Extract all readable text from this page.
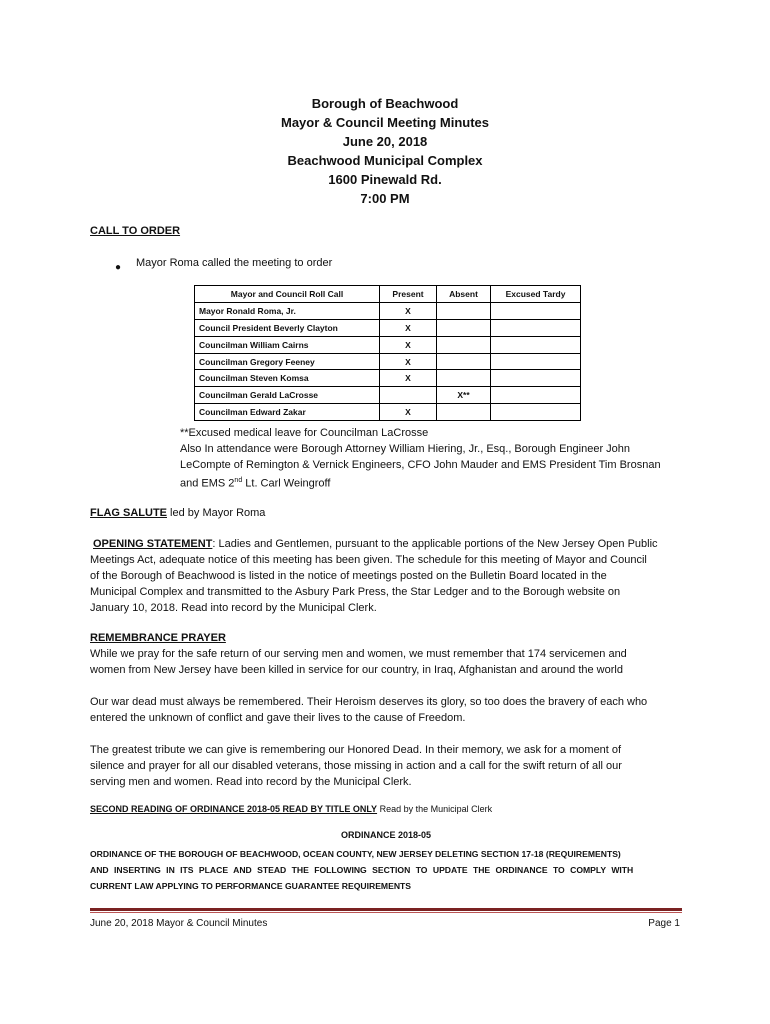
Borough of Beachwood
Mayor & Council Meeting Minutes
June 20, 2018
Beachwood Municipal Complex
1600 Pinewald Rd.
7:00 PM
CALL TO ORDER
● Mayor Roma called the meeting to order
Mayor and Council Roll Call	Present	Absent	Excused Tardy
Mayor Ronald Roma, Jr.	X		
Council President Beverly Clayton	X		
Councilman William Cairns	X		
Councilman Gregory Feeney	X		
Councilman Steven Komsa	X		
Councilman Gerald LaCrosse		X**	
Councilman Edward Zakar	X		
**Excused medical leave for Councilman LaCrosse
Also In attendance were Borough Attorney William Hiering, Jr., Esq., Borough Engineer John
LeCompte of Remington & Vernick Engineers, CFO John Mauder and EMS President Tim Brosnan
and EMS 2nd Lt. Carl Weingroff
FLAG SALUTE led by Mayor Roma
OPENING STATEMENT: Ladies and Gentlemen, pursuant to the applicable portions of the New Jersey Open Public
Meetings Act, adequate notice of this meeting has been given. The schedule for this meeting of Mayor and Council
of the Borough of Beachwood is listed in the notice of meetings posted on the Bulletin Board located in the
Municipal Complex and transmitted to the Asbury Park Press, the Star Ledger and to the Borough website on
January 10, 2018. Read into record by the Municipal Clerk.
REMEMBRANCE PRAYER
While we pray for the safe return of our serving men and women, we must remember that 174 servicemen and
women from New Jersey have been killed in service for our country, in Iraq, Afghanistan and around the world
Our war dead must always be remembered. Their Heroism deserves its glory, so too does the bravery of each who
entered the unknown of conflict and gave their lives to the cause of Freedom.
The greatest tribute we can give is remembering our Honored Dead. In their memory, we ask for a moment of
silence and prayer for all our disabled veterans, those missing in action and a call for the swift return of all our
serving men and women. Read into record by the Municipal Clerk.
SECOND READING OF ORDINANCE 2018-05 READ BY TITLE ONLY Read by the Municipal Clerk
ORDINANCE 2018-05
ORDINANCE OF THE BOROUGH OF BEACHWOOD, OCEAN COUNTY, NEW JERSEY DELETING SECTION 17-18 (REQUIREMENTS)
AND INSERTING IN ITS PLACE AND STEAD THE FOLLOWING SECTION TO UPDATE THE ORDINANCE TO COMPLY WITH
CURRENT LAW APPLYING TO PERFORMANCE GUARANTEE REQUIREMENTS
June 20, 2018 Mayor & Council Minutes	Page 1
